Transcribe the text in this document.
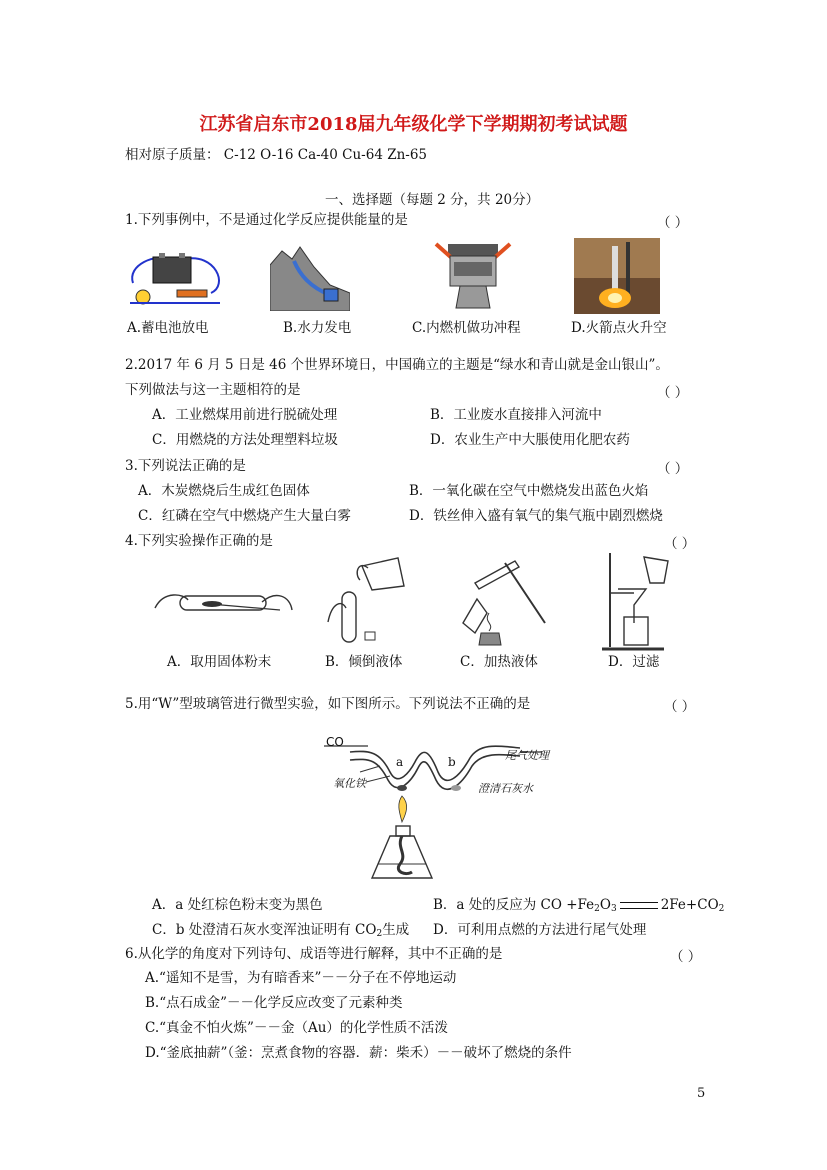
江苏省启东市2018届九年级化学下学期期初考试试题
相对原子质量： C-12 O-16 Ca-40 Cu-64 Zn-65
一、选择题（每题 2 分，共 20分）
1.下列事例中，不是通过化学反应提供能量的是	（ ）
A.蓄电池放电	B.水力发电	C.内燃机做功冲程	D.火箭点火升空
2.2017 年 6 月 5 日是 46 个世界环境日，中国确立的主题是“绿水和青山就是金山银山”。
下列做法与这一主题相符的是	（ ）
A．工业燃煤用前进行脱硫处理	B．工业废水直接排入河流中
C．用燃烧的方法处理塑料垃圾	D．农业生产中大脹使用化肥农药
3.下列说法正确的是	（ ）
A．木炭燃烧后生成红色固体	B．一氧化碳在空气中燃烧发出蓝色火焰
C．红磷在空气中燃烧产生大量白雾	D．铁丝伸入盛有氧气的集气瓶中剧烈燃烧
4.下列实验操作正确的是	（ ）
A．取用固体粉末	B．倾倒液体	C．加热液体	D．过滤
5.用“W”型玻璃管进行微型实验，如下图所示。下列说法不正确的是	（ ）
CO
a	b	尾气处理
氧化铁	澄清石灰水
A．a 处红棕色粉末变为黑色	B．a 处的反应为 CO $+Fe_2O_3$	$2Fe+CO_2$
C．b 处澄清石灰水变浑浊证明有 $CO_2$生成 D．可利用点燃的方法进行尾气处理
6.从化学的角度对下列诗句、成语等进行解释，其中不正确的是	（ ）
A.“遥知不是雪，为有暗香来”－－分子在不停地运动
B.“点石成金”－－化学反应改变了元素种类
C.“真金不怕火炼”－－金（Au）的化学性质不活泼
D.“釜底抽薪”（釜：烹煮食物的容器．薪：柴禾）－－破坏了燃烧的条件
5
